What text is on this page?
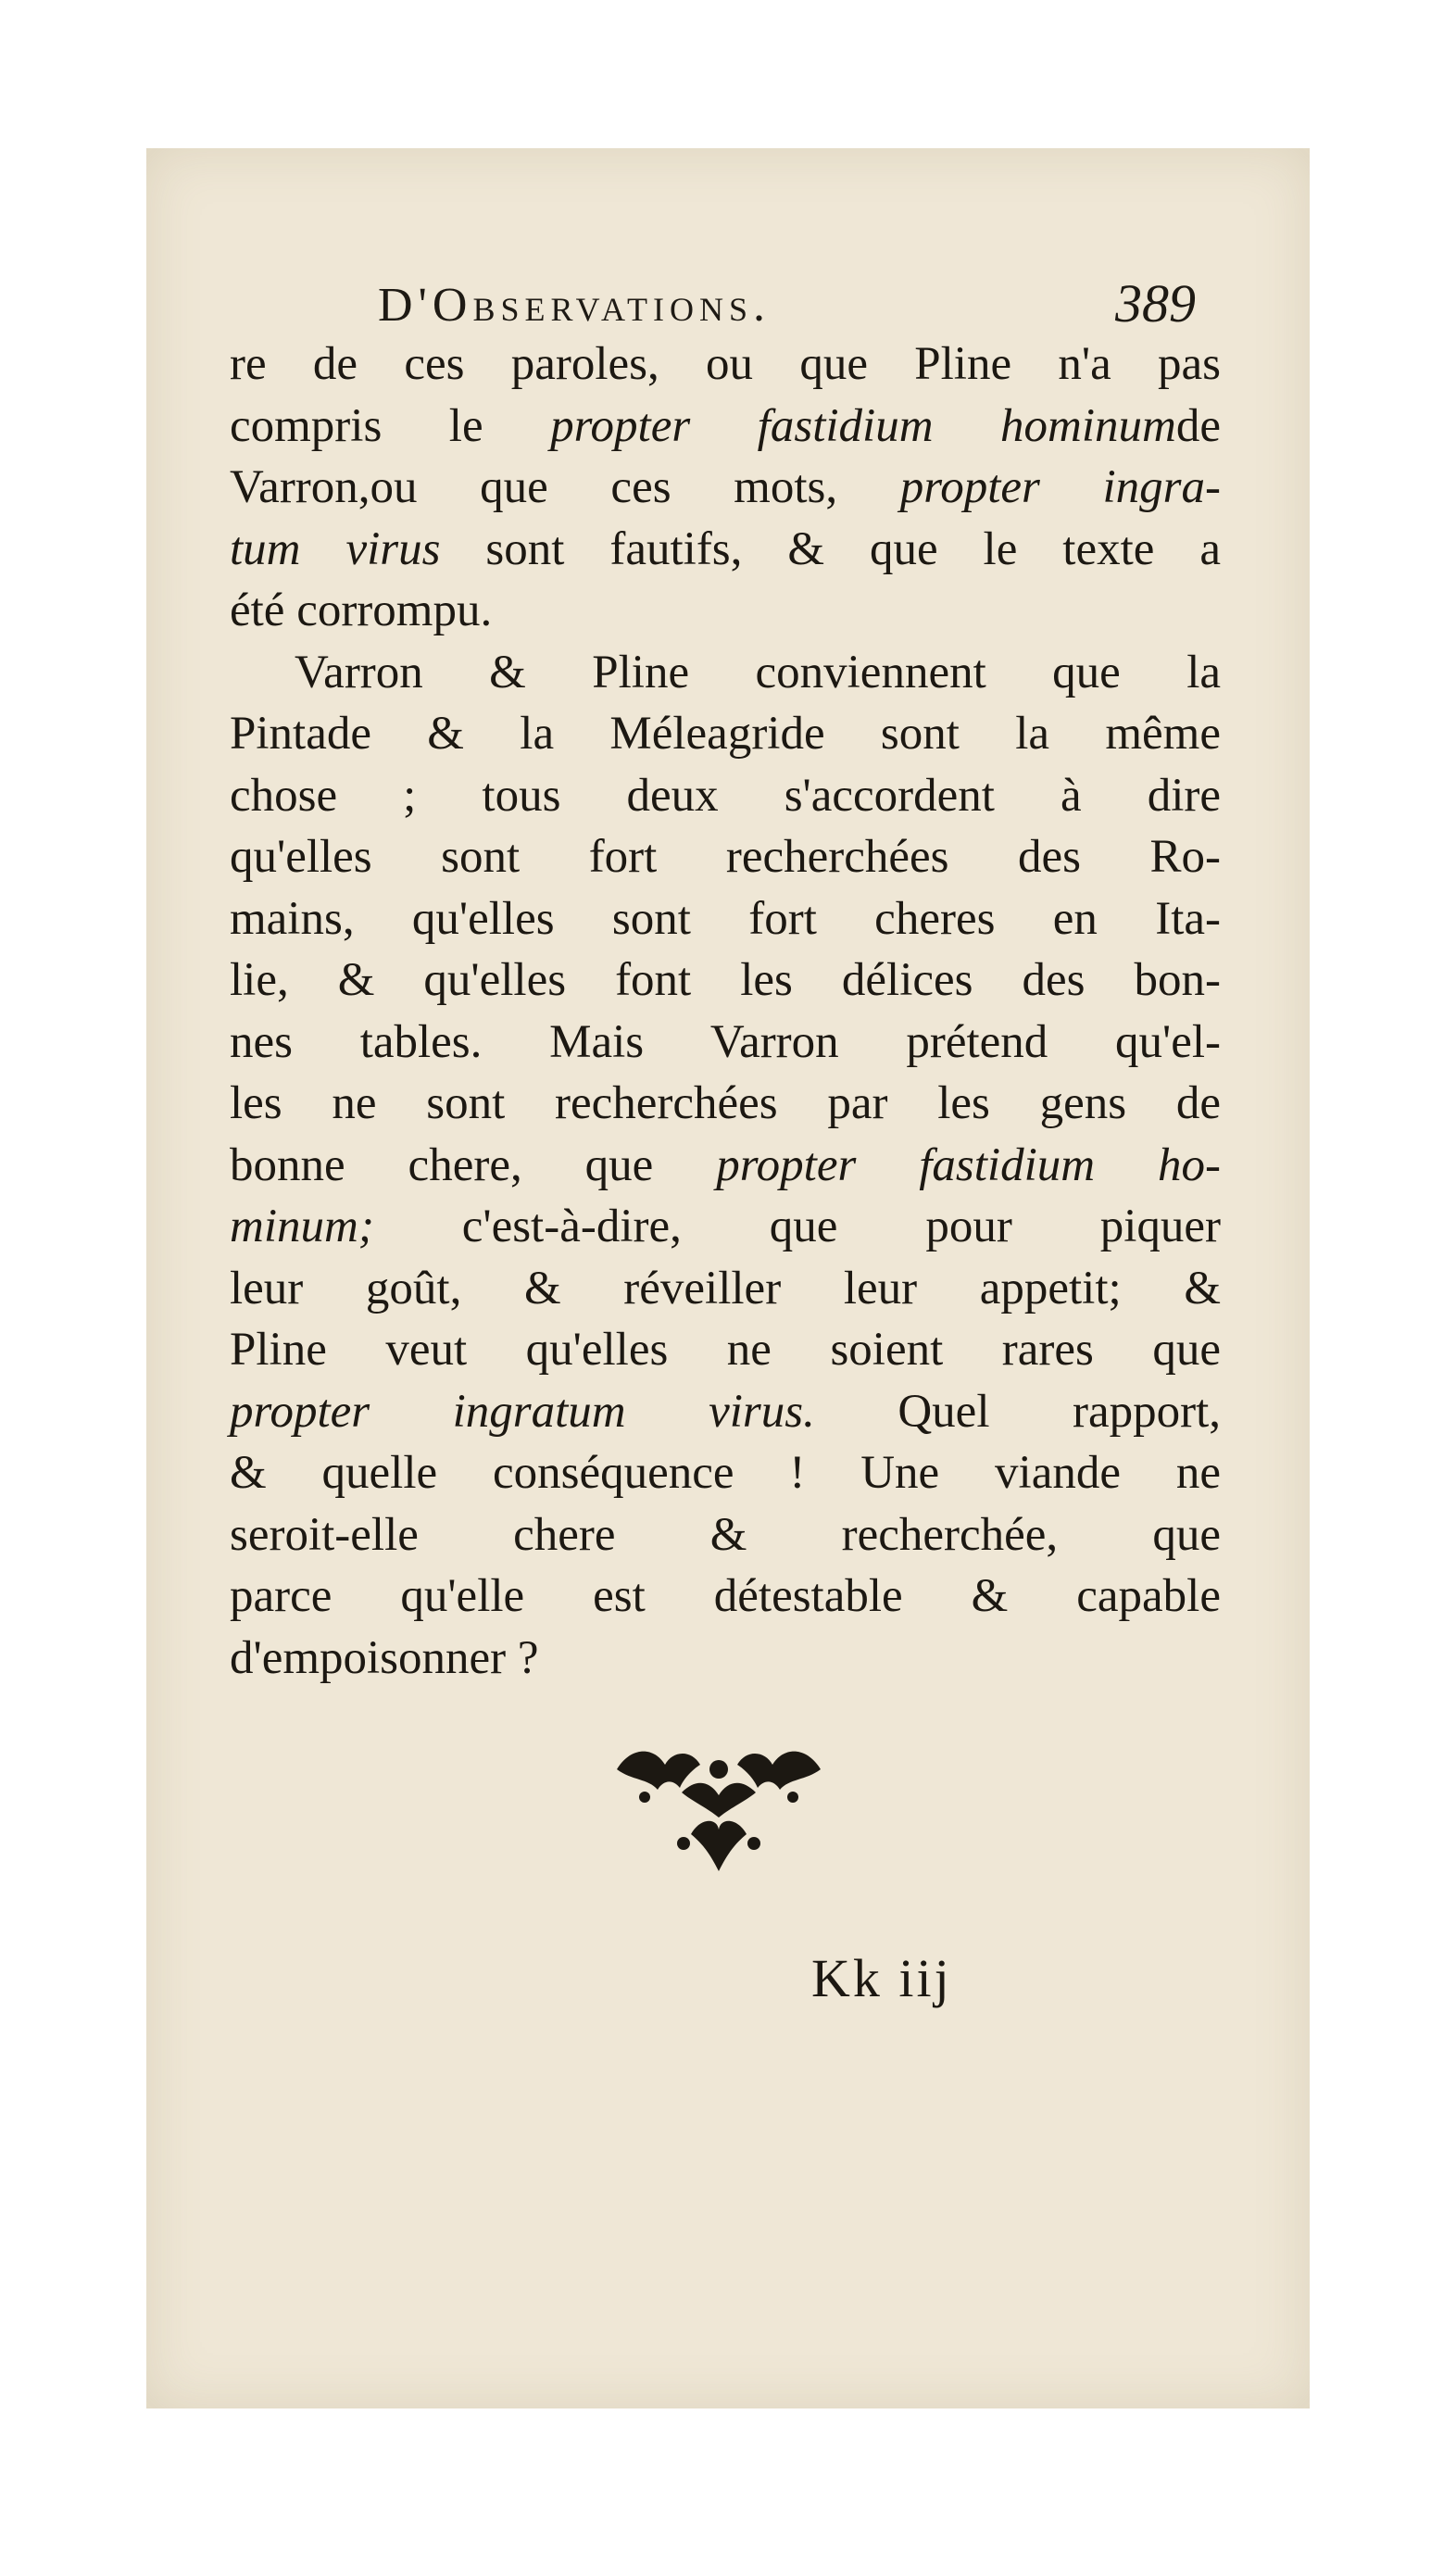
D'Observations.	389
re de ces paroles, ou que Pline n'a pas
compris le propter fastidium hominumde
Varron,ou que ces mots, propter ingra-
tum virus sont fautifs, & que le texte a
été corrompu.
Varron & Pline conviennent que la
Pintade & la Méleagride sont la même
chose ; tous deux s'accordent à dire
qu'elles sont fort recherchées des Ro-
mains, qu'elles sont fort cheres en Ita-
lie, & qu'elles font les délices des bon-
nes tables. Mais Varron prétend qu'el-
les ne sont recherchées par les gens de
bonne chere, que propter fastidium ho-
minum; c'est-à-dire, que pour piquer
leur goût, & réveiller leur appetit; &
Pline veut qu'elles ne soient rares que
propter ingratum virus. Quel rapport,
& quelle conséquence ! Une viande ne
seroit-elle chere & recherchée, que
parce qu'elle est détestable & capable
d'empoisonner ?
Kk iij
